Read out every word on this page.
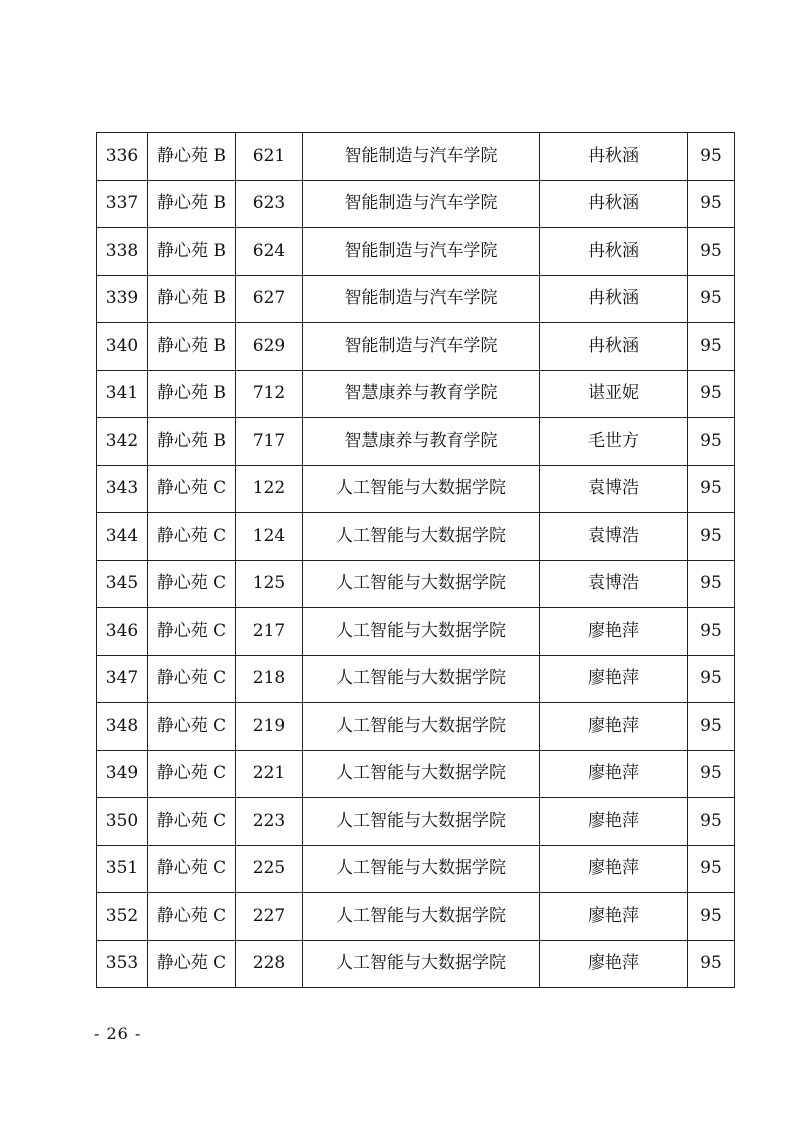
336	静心苑 B	621	智能制造与汽车学院	冉秋涵	95
337	静心苑 B	623	智能制造与汽车学院	冉秋涵	95
338	静心苑 B	624	智能制造与汽车学院	冉秋涵	95
339	静心苑 B	627	智能制造与汽车学院	冉秋涵	95
340	静心苑 B	629	智能制造与汽车学院	冉秋涵	95
341	静心苑 B	712	智慧康养与教育学院	谌亚妮	95
342	静心苑 B	717	智慧康养与教育学院	毛世方	95
343	静心苑 C	122	人工智能与大数据学院	袁博浩	95
344	静心苑 C	124	人工智能与大数据学院	袁博浩	95
345	静心苑 C	125	人工智能与大数据学院	袁博浩	95
346	静心苑 C	217	人工智能与大数据学院	廖艳萍	95
347	静心苑 C	218	人工智能与大数据学院	廖艳萍	95
348	静心苑 C	219	人工智能与大数据学院	廖艳萍	95
349	静心苑 C	221	人工智能与大数据学院	廖艳萍	95
350	静心苑 C	223	人工智能与大数据学院	廖艳萍	95
351	静心苑 C	225	人工智能与大数据学院	廖艳萍	95
352	静心苑 C	227	人工智能与大数据学院	廖艳萍	95
353	静心苑 C	228	人工智能与大数据学院	廖艳萍	95
- 26 -
